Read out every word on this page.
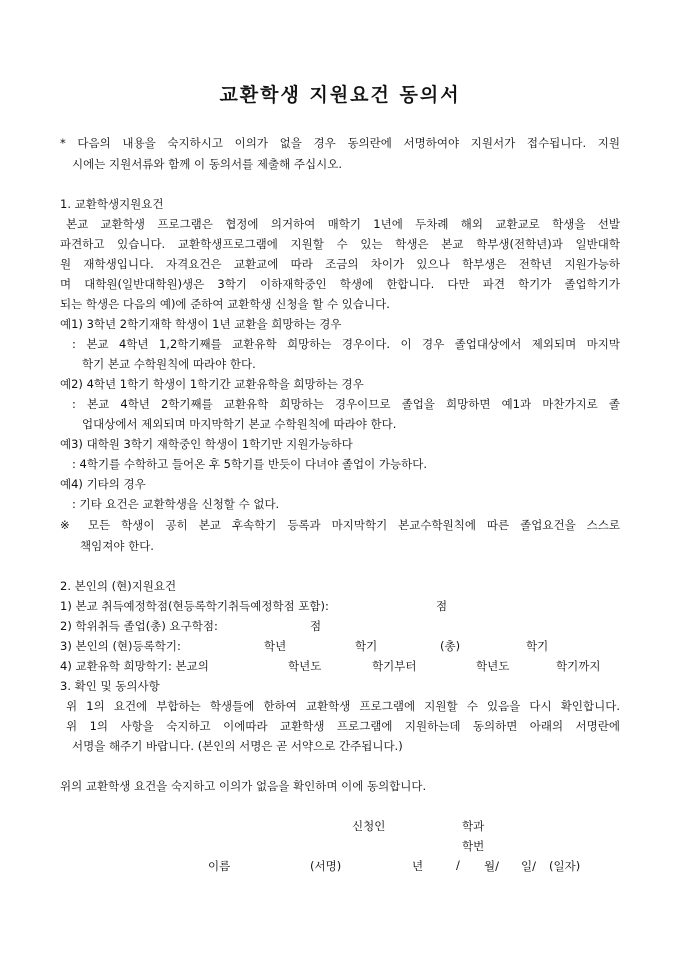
교환학생 지원요건 동의서
* 다음의 내용을 숙지하시고 이의가 없을 경우 동의란에 서명하여야 지원서가 접수됩니다. 지원
시에는 지원서류와 함께 이 동의서를 제출해 주십시오.
1. 교환학생지원요건
본교 교환학생 프로그램은 협정에 의거하여 매학기 1년에 두차례 해외 교환교로 학생을 선발
파견하고 있습니다. 교환학생프로그램에 지원할 수 있는 학생은 본교 학부생(전학년)과 일반대학
원 재학생입니다. 자격요건은 교환교에 따라 조금의 차이가 있으나 학부생은 전학년 지원가능하
며 대학원(일반대학원)생은 3학기 이하재학중인 학생에 한합니다. 다만 파견 학기가 졸업학기가
되는 학생은 다음의 예)에 준하여 교환학생 신청을 할 수 있습니다.
예1) 3학년 2학기재학 학생이 1년 교환을 희망하는 경우
: 본교 4학년 1,2학기째를 교환유학 희망하는 경우이다. 이 경우 졸업대상에서 제외되며 마지막
학기 본교 수학원칙에 따라야 한다.
예2) 4학년 1학기 학생이 1학기간 교환유학을 희망하는 경우
: 본교 4학년 2학기째를 교환유학 희망하는 경우이므로 졸업을 희망하면 예1과 마찬가지로 졸
업대상에서 제외되며 마지막학기 본교 수학원칙에 따라야 한다.
예3) 대학원 3학기 재학중인 학생이 1학기만 지원가능하다
: 4학기를 수학하고 들어온 후 5학기를 반듯이 다녀야 졸업이 가능하다.
예4) 기타의 경우
: 기타 요건은 교환학생을 신청할 수 없다.
※ 모든 학생이 공히 본교 후속학기 등록과 마지막학기 본교수학원칙에 따른 졸업요건을 스스로
책임져야 한다.
2. 본인의 (현)지원요건
1) 본교 취득예정학점(현등록학기취득예정학점 포함):	점
2) 학위취득 졸업(총) 요구학점:	점
3) 본인의 (현)등록학기:	학년	학기	(총)	학기
4) 교환유학 희망학기: 본교의	학년도	학기부터	학년도	학기까지
3. 확인 및 동의사항
위 1의 요건에 부합하는 학생들에 한하여 교환학생 프로그램에 지원할 수 있음을 다시 확인합니다.
위 1의 사항을 숙지하고 이에따라 교환학생 프로그램에 지원하는데 동의하면 아래의 서명란에
서명을 해주기 바랍니다. (본인의 서명은 곧 서약으로 간주됩니다.)
위의 교환학생 요건을 숙지하고 이의가 없음을 확인하며 이에 동의합니다.
신청인	학과
학번
이름	(서명)	년	/ 월/ 일/ (일자)
